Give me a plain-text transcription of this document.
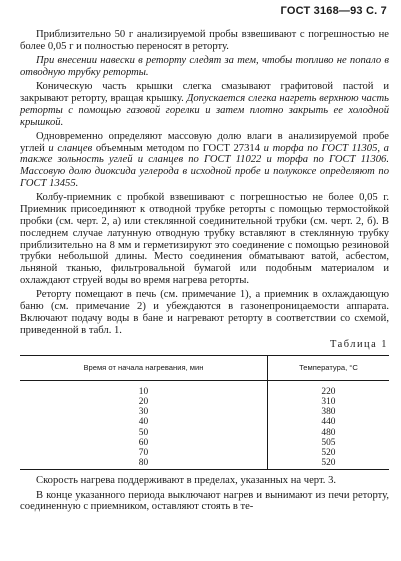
ГОСТ 3168—93 С. 7

Приблизительно 50 г анализируемой пробы взвешивают с погрешностью не более 0,05 г и полностью переносят в реторту.

При внесении навески в реторту следят за тем, чтобы топливо не попало в отводную трубку реторты.

Коническую часть крышки слегка смазывают графитовой пастой и закрывают реторту, вращая крышку. Допускается слегка нагреть верхнюю часть реторты с помощью газовой горелки и затем плотно закрыть ее холодной крышкой.

Одновременно определяют массовую долю влаги в анализируемой пробе углей и сланцев объемным методом по ГОСТ 27314 и торфа по ГОСТ 11305, а также зольность углей и сланцев по ГОСТ 11022 и торфа по ГОСТ 11306. Массовую долю диоксида углерода в исходной пробе и полукоксе определяют по ГОСТ 13455.

Колбу-приемник с пробкой взвешивают с погрешностью не более 0,05 г. Приемник присоединяют к отводной трубке реторты с помощью термостойкой пробки (см. черт. 2, а) или стеклянной соединительной трубки (см. черт. 2, б). В последнем случае латунную отводную трубку вставляют в стеклянную трубку приблизительно на 8 мм и герметизируют это соединение с помощью резиновой трубки небольшой длины. Место соединения обматывают ватой, асбестом, льняной тканью, фильтровальной бумагой или подобным материалом и охлаждают струей воды во время нагрева реторты.

Реторту помещают в печь (см. примечание 1), а приемник в охлаждающую баню (см. примечание 2) и убеждаются в газонепроницаемости аппарата. Включают подачу воды в бане и нагревают реторту в соответствии со схемой, приведенной в табл. 1.

Таблица 1
Время от начала нагревания, мин	Температура, °С

10	220
20	310
30	380
40	440
50	480
60	505
70	520
80	520

Скорость нагрева поддерживают в пределах, указанных на черт. 3.

В конце указанного периода выключают нагрев и вынимают из печи реторту, соединенную с приемником, оставляют стоять в те-
